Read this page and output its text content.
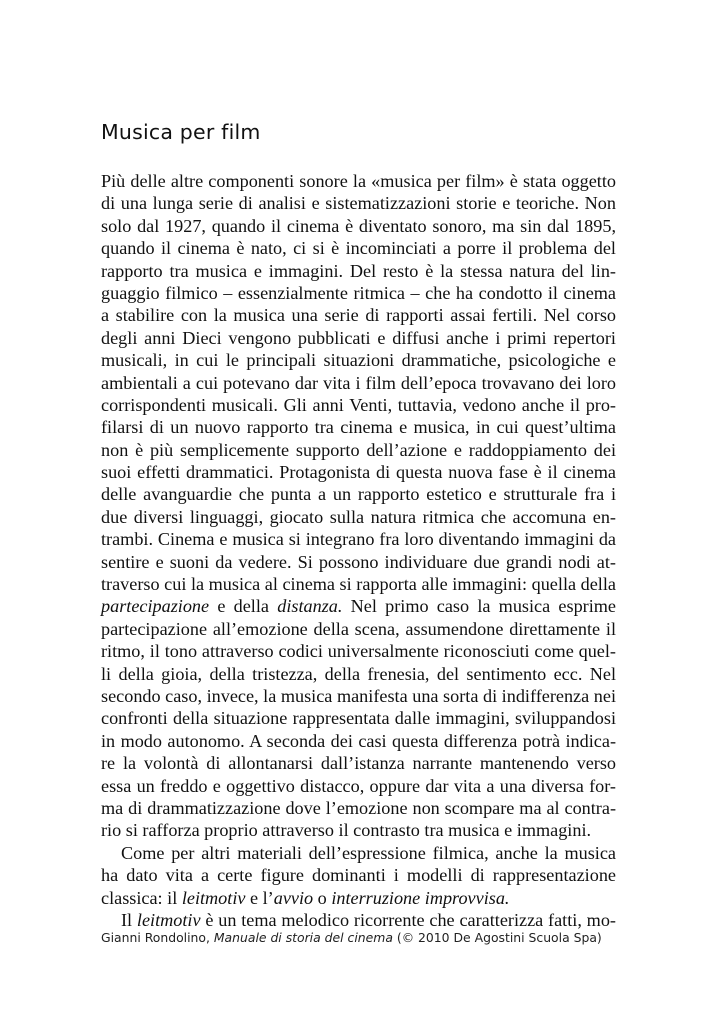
Musica per film
Più delle altre componenti sonore la «musica per film» è stata oggetto
di una lunga serie di analisi e sistematizzazioni storie e teoriche. Non
solo dal 1927, quando il cinema è diventato sonoro, ma sin dal 1895,
quando il cinema è nato, ci si è incominciati a porre il problema del
rapporto tra musica e immagini. Del resto è la stessa natura del lin-
guaggio filmico – essenzialmente ritmica – che ha condotto il cinema
a stabilire con la musica una serie di rapporti assai fertili. Nel corso
degli anni Dieci vengono pubblicati e diffusi anche i primi repertori
musicali, in cui le principali situazioni drammatiche, psicologiche e
ambientali a cui potevano dar vita i film dell’epoca trovavano dei loro
corrispondenti musicali. Gli anni Venti, tuttavia, vedono anche il pro-
filarsi di un nuovo rapporto tra cinema e musica, in cui quest’ultima
non è più semplicemente supporto dell’azione e raddoppiamento dei
suoi effetti drammatici. Protagonista di questa nuova fase è il cinema
delle avanguardie che punta a un rapporto estetico e strutturale fra i
due diversi linguaggi, giocato sulla natura ritmica che accomuna en-
trambi. Cinema e musica si integrano fra loro diventando immagini da
sentire e suoni da vedere. Si possono individuare due grandi nodi at-
traverso cui la musica al cinema si rapporta alle immagini: quella della
partecipazione e della distanza. Nel primo caso la musica esprime
partecipazione all’emozione della scena, assumendone direttamente il
ritmo, il tono attraverso codici universalmente riconosciuti come quel-
li della gioia, della tristezza, della frenesia, del sentimento ecc. Nel
secondo caso, invece, la musica manifesta una sorta di indifferenza nei
confronti della situazione rappresentata dalle immagini, sviluppandosi
in modo autonomo. A seconda dei casi questa differenza potrà indica-
re la volontà di allontanarsi dall’istanza narrante mantenendo verso
essa un freddo e oggettivo distacco, oppure dar vita a una diversa for-
ma di drammatizzazione dove l’emozione non scompare ma al contra-
rio si rafforza proprio attraverso il contrasto tra musica e immagini.
Come per altri materiali dell’espressione filmica, anche la musica
ha dato vita a certe figure dominanti i modelli di rappresentazione
classica: il leitmotiv e l’avvio o interruzione improvvisa.
Il leitmotiv è un tema melodico ricorrente che caratterizza fatti, mo-
Gianni Rondolino, Manuale di storia del cinema (© 2010 De Agostini Scuola Spa)
